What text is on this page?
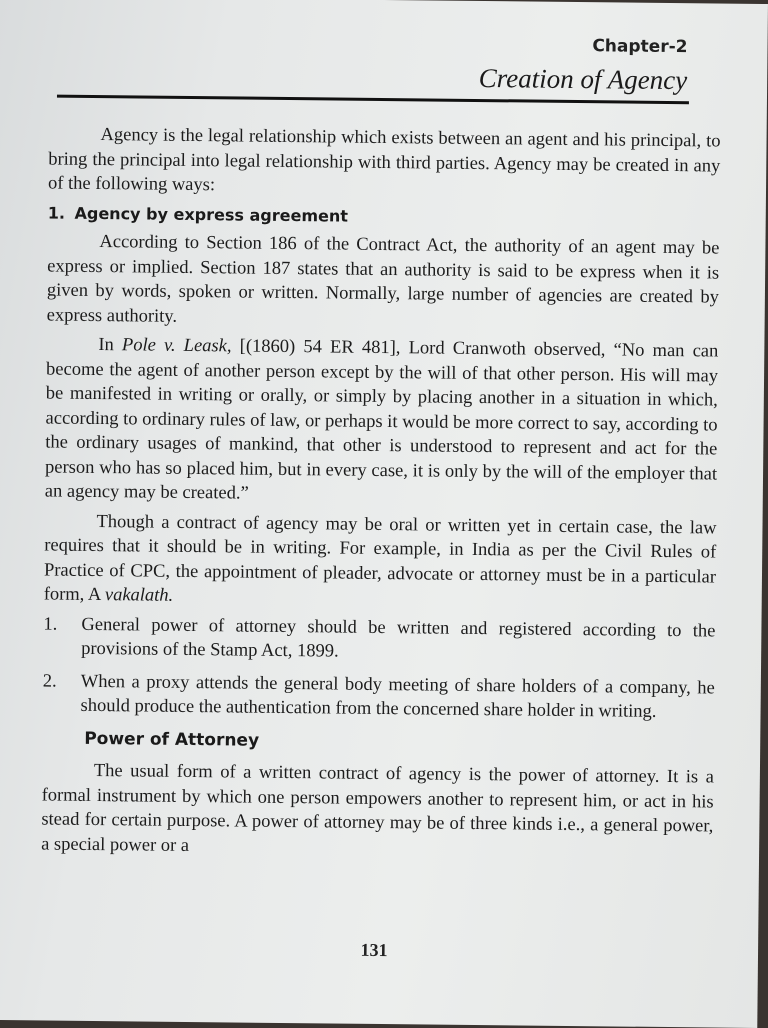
Chapter-2
Creation of Agency

Agency is the legal relationship which exists between an agent and his principal, to bring the principal into legal relationship with third parties. Agency may be created in any of the following ways:

1. Agency by express agreement

According to Section 186 of the Contract Act, the authority of an agent may be express or implied. Section 187 states that an authority is said to be express when it is given by words, spoken or written. Normally, large number of agencies are created by express authority.

In Pole v. Leask, [(1860) 54 ER 481], Lord Cranwoth observed, “No man can become the agent of another person except by the will of that other person. His will may be manifested in writing or orally, or simply by placing another in a situation in which, according to ordinary rules of law, or perhaps it would be more correct to say, according to the ordinary usages of mankind, that other is understood to represent and act for the person who has so placed him, but in every case, it is only by the will of the employer that an agency may be created.”

Though a contract of agency may be oral or written yet in certain case, the law requires that it should be in writing. For example, in India as per the Civil Rules of Practice of CPC, the appointment of pleader, advocate or attorney must be in a particular form, A vakalath.

1.	General power of attorney should be written and registered according to the provisions of the Stamp Act, 1899.
2.	When a proxy attends the general body meeting of share holders of a company, he should produce the authentication from the concerned share holder in writing.
Power of Attorney

The usual form of a written contract of agency is the power of attorney. It is a formal instrument by which one person empowers another to represent him, or act in his stead for certain purpose. A power of attorney may be of three kinds i.e., a general power, a special power or a

131
